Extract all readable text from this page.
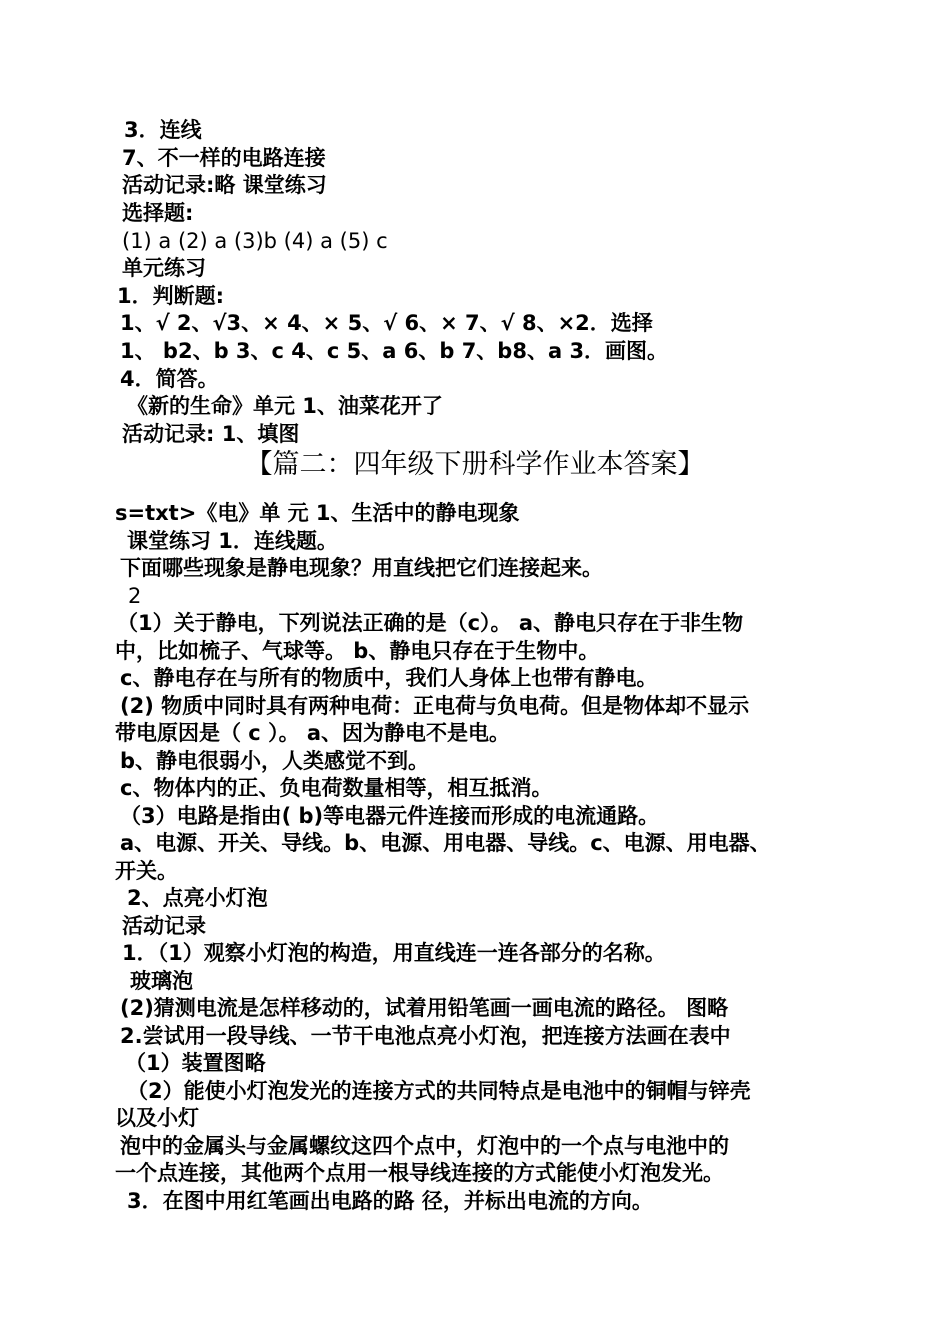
3．连线
7、不一样的电路连接
活动记录:略 课堂练习
选择题:
(1) a (2) a (3)b (4) a (5) c
单元练习
1．判断题:
1、√ 2、√3、× 4、× 5、√ 6、× 7、√ 8、×2．选择
1、 b2、b 3、c 4、c 5、a 6、b 7、b8、a 3．画图。
4．简答。
《新的生命》单元 1、油菜花开了
活动记录: 1、填图
【篇二：四年级下册科学作业本答案】
s=txt>《电》单 元 1、生活中的静电现象
课堂练习 1．连线题。
下面哪些现象是静电现象？用直线把它们连接起来。
2
（1）关于静电，下列说法正确的是（c）。 a、静电只存在于非生物
中，比如梳子、气球等。 b、静电只存在于生物中。
c、静电存在与所有的物质中，我们人身体上也带有静电。
(2) 物质中同时具有两种电荷：正电荷与负电荷。但是物体却不显示
带电原因是（ c ）。 a、因为静电不是电。
b、静电很弱小，人类感觉不到。
c、物体内的正、负电荷数量相等，相互抵消。
（3）电路是指由( b)等电器元件连接而形成的电流通路。
a、电源、开关、导线。b、电源、用电器、导线。c、电源、用电器、
开关。
2、点亮小灯泡
活动记录
1．（1）观察小灯泡的构造，用直线连一连各部分的名称。
玻璃泡
(2)猜测电流是怎样移动的，试着用铅笔画一画电流的路径。 图略
2.尝试用一段导线、一节干电池点亮小灯泡，把连接方法画在表中
（1）装置图略
（2）能使小灯泡发光的连接方式的共同特点是电池中的铜帽与锌壳
以及小灯
泡中的金属头与金属螺纹这四个点中，灯泡中的一个点与电池中的
一个点连接，其他两个点用一根导线连接的方式能使小灯泡发光。
3．在图中用红笔画出电路的路 径，并标出电流的方向。
